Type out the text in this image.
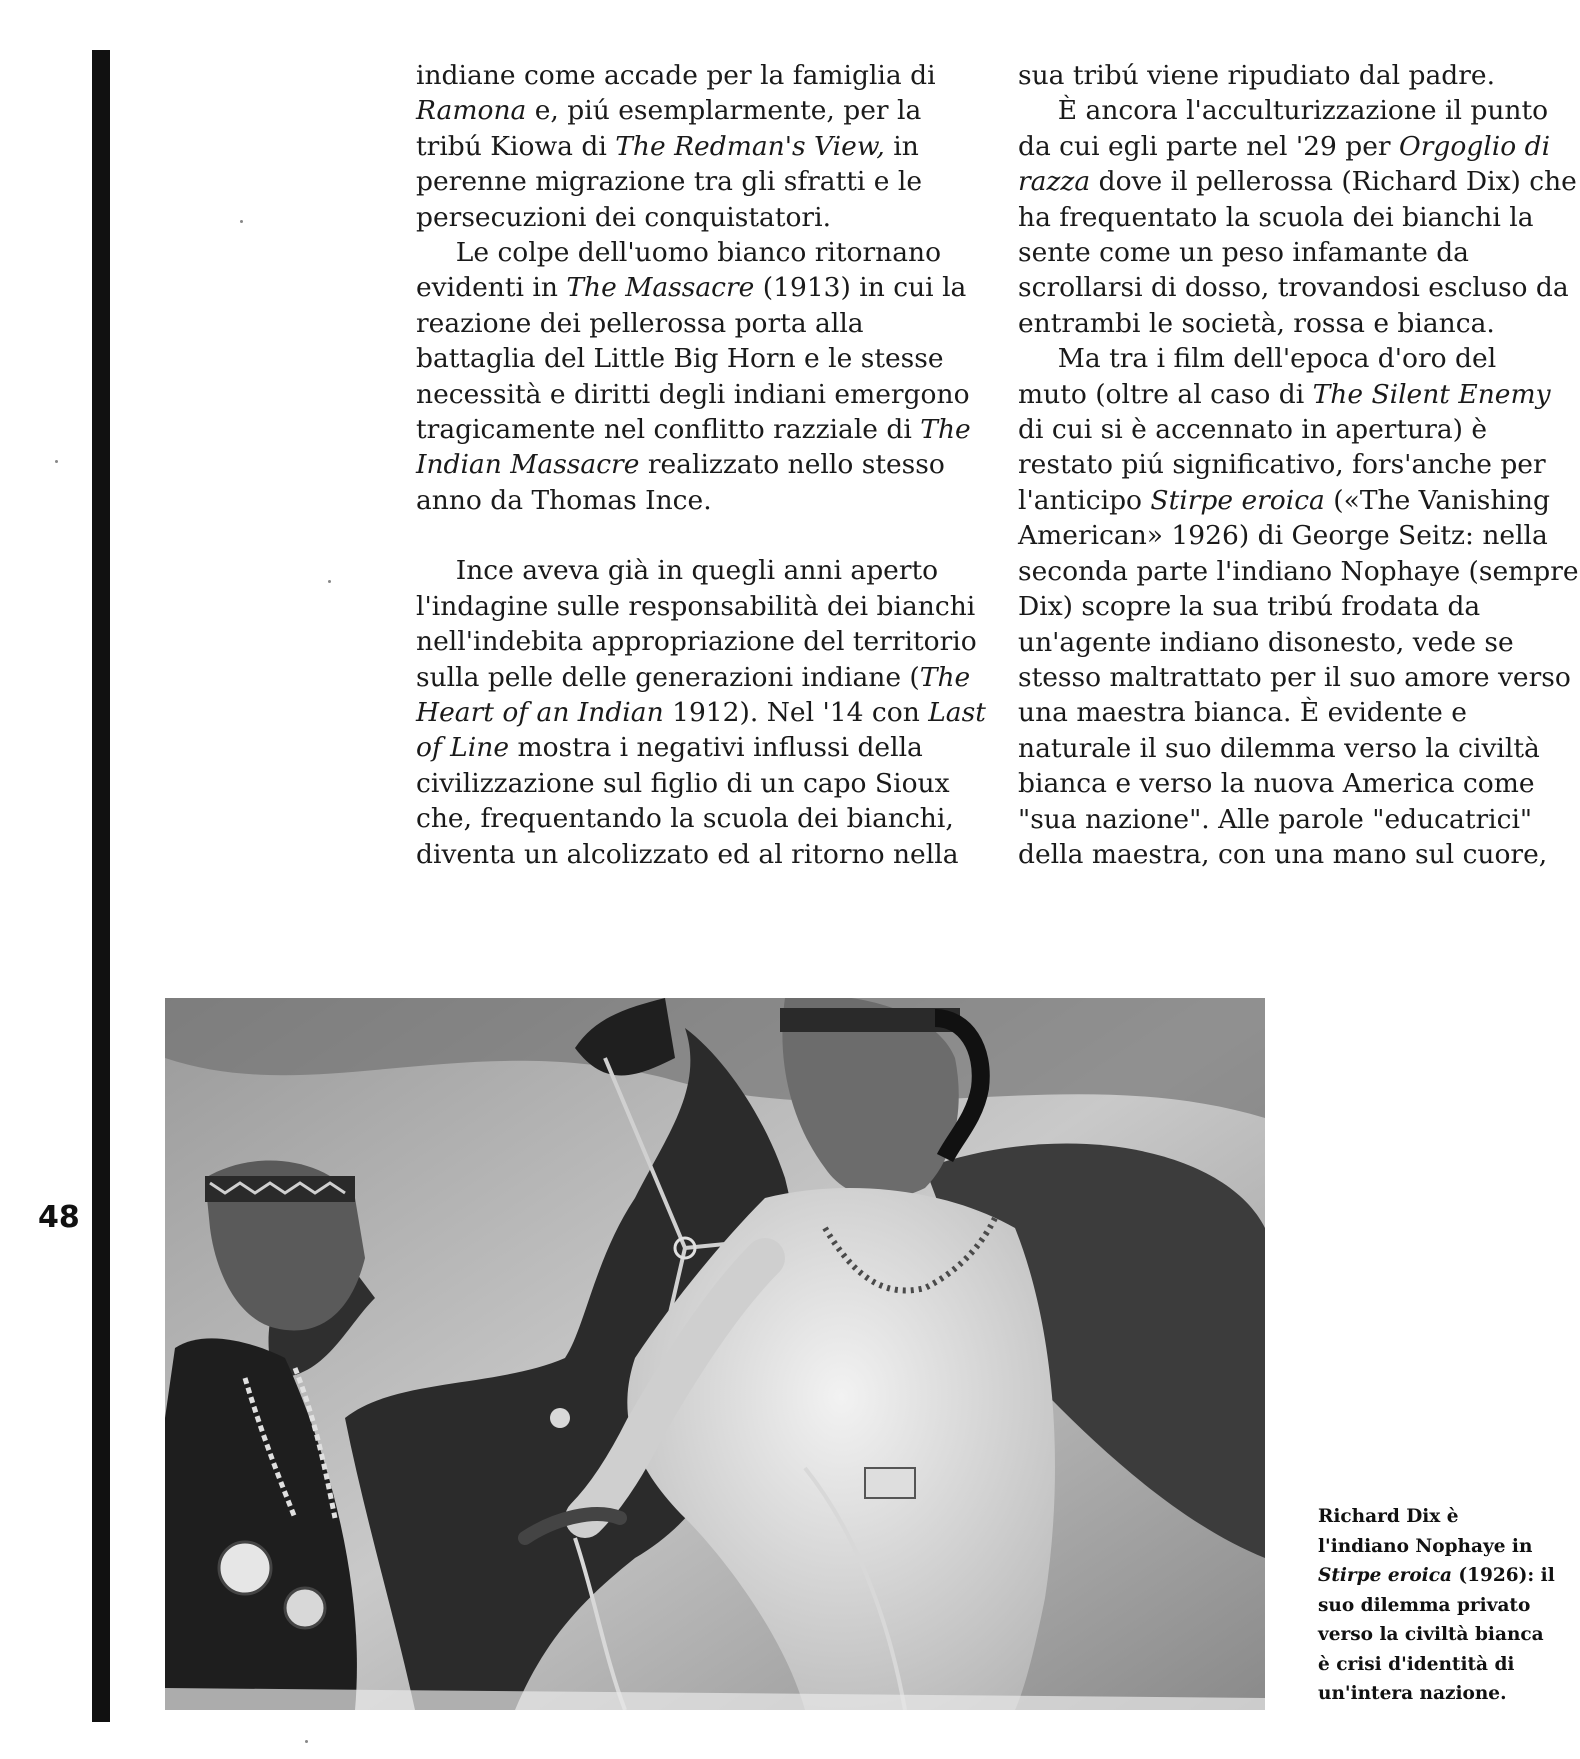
48
indiane come accade per la famiglia di
Ramona e, piú esemplarmente, per la
tribú Kiowa di The Redman's View, in
perenne migrazione tra gli sfratti e le
persecuzioni dei conquistatori.
  Le colpe dell'uomo bianco ritornano
evidenti in The Massacre (1913) in cui la
reazione dei pellerossa porta alla
battaglia del Little Big Horn e le stesse
necessità e diritti degli indiani emergono
tragicamente nel conflitto razziale di The
Indian Massacre realizzato nello stesso
anno da Thomas Ince.
  Ince aveva già in quegli anni aperto
l'indagine sulle responsabilità dei bianchi
nell'indebita appropriazione del territorio
sulla pelle delle generazioni indiane (The
Heart of an Indian 1912). Nel '14 con Last
of Line mostra i negativi influssi della
civilizzazione sul figlio di un capo Sioux
che, frequentando la scuola dei bianchi,
diventa un alcolizzato ed al ritorno nella
sua tribú viene ripudiato dal padre.
  È ancora l'acculturizzazione il punto
da cui egli parte nel '29 per Orgoglio di
razza dove il pellerossa (Richard Dix) che
ha frequentato la scuola dei bianchi la
sente come un peso infamante da
scrollarsi di dosso, trovandosi escluso da
entrambi le società, rossa e bianca.
  Ma tra i film dell'epoca d'oro del
muto (oltre al caso di The Silent Enemy
di cui si è accennato in apertura) è
restato piú significativo, fors'anche per
l'anticipo Stirpe eroica («The Vanishing
American» 1926) di George Seitz: nella
seconda parte l'indiano Nophaye (sempre
Dix) scopre la sua tribú frodata da
un'agente indiano disonesto, vede se
stesso maltrattato per il suo amore verso
una maestra bianca. È evidente e
naturale il suo dilemma verso la civiltà
bianca e verso la nuova America come
"sua nazione". Alle parole "educatrici"
della maestra, con una mano sul cuore,
Richard Dix è
l'indiano Nophaye in
Stirpe eroica (1926): il
suo dilemma privato
verso la civiltà bianca
è crisi d'identità di
un'intera nazione.
